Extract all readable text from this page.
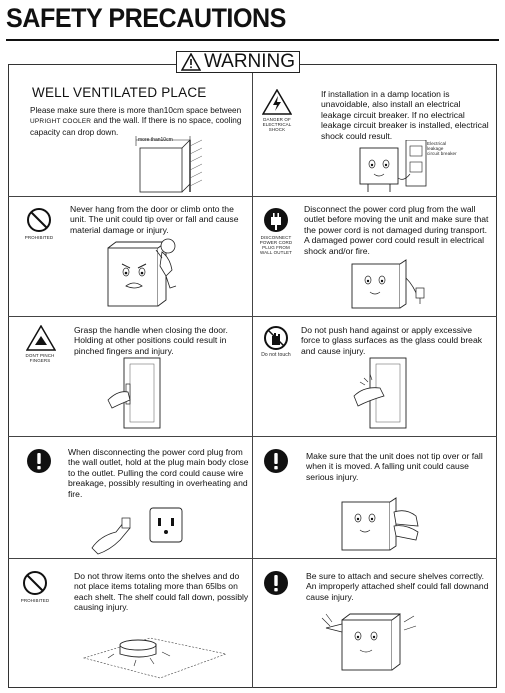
SAFETY PRECAUTIONS
WARNING
WELL VENTILATED PLACE
Please make sure there is more than10cm space between UPRIGHT COOLER and the wall. If there is no space, cooling capacity can drop down.
more than10cm
DANGER OF ELECTRICAL SHOCK
If installation in a damp location is unavoidable, also install an electrical leakage circuit breaker. If no electrical leakage circuit breaker is installed, electrical shock could result.
Electrical leakage circuit breaker
PROHIBITED
Never hang from the door or climb onto the unit. The unit could tip over or fall and cause material damage or injury.
DISCONNECT POWER CORD PLUG FROM WALL OUTLET
Disconnect the power cord plug from the wall outlet before moving the unit and make sure that the power cord is not damaged during transport. A damaged power cord could result in electrical shock and/or fire.
DONT PINCH FINGERS
Grasp the handle when closing the door. Holding at other positions could result in pinched fingers and injury.	Do not touch
Do not push hand against or apply excessive force to glass surfaces as the glass could break and cause injury.
When disconnecting the power cord plug from the wall outlet, hold at the plug main body close to the outlet. Pulling the cord could cause wire breakage, possibly resulting in overheating and fire.
Make sure that the unit does not tip over or fall when it is moved. A falling unit could cause serious injury.
PROHIBITED
Do not throw items onto the shelves and do not place items totaling more than 65lbs on each shelt. The shelf could fall down, possibly causing injury.
Be sure to attach and secure shelves correctly. An improperly attached shelf could fall downand cause injury.
